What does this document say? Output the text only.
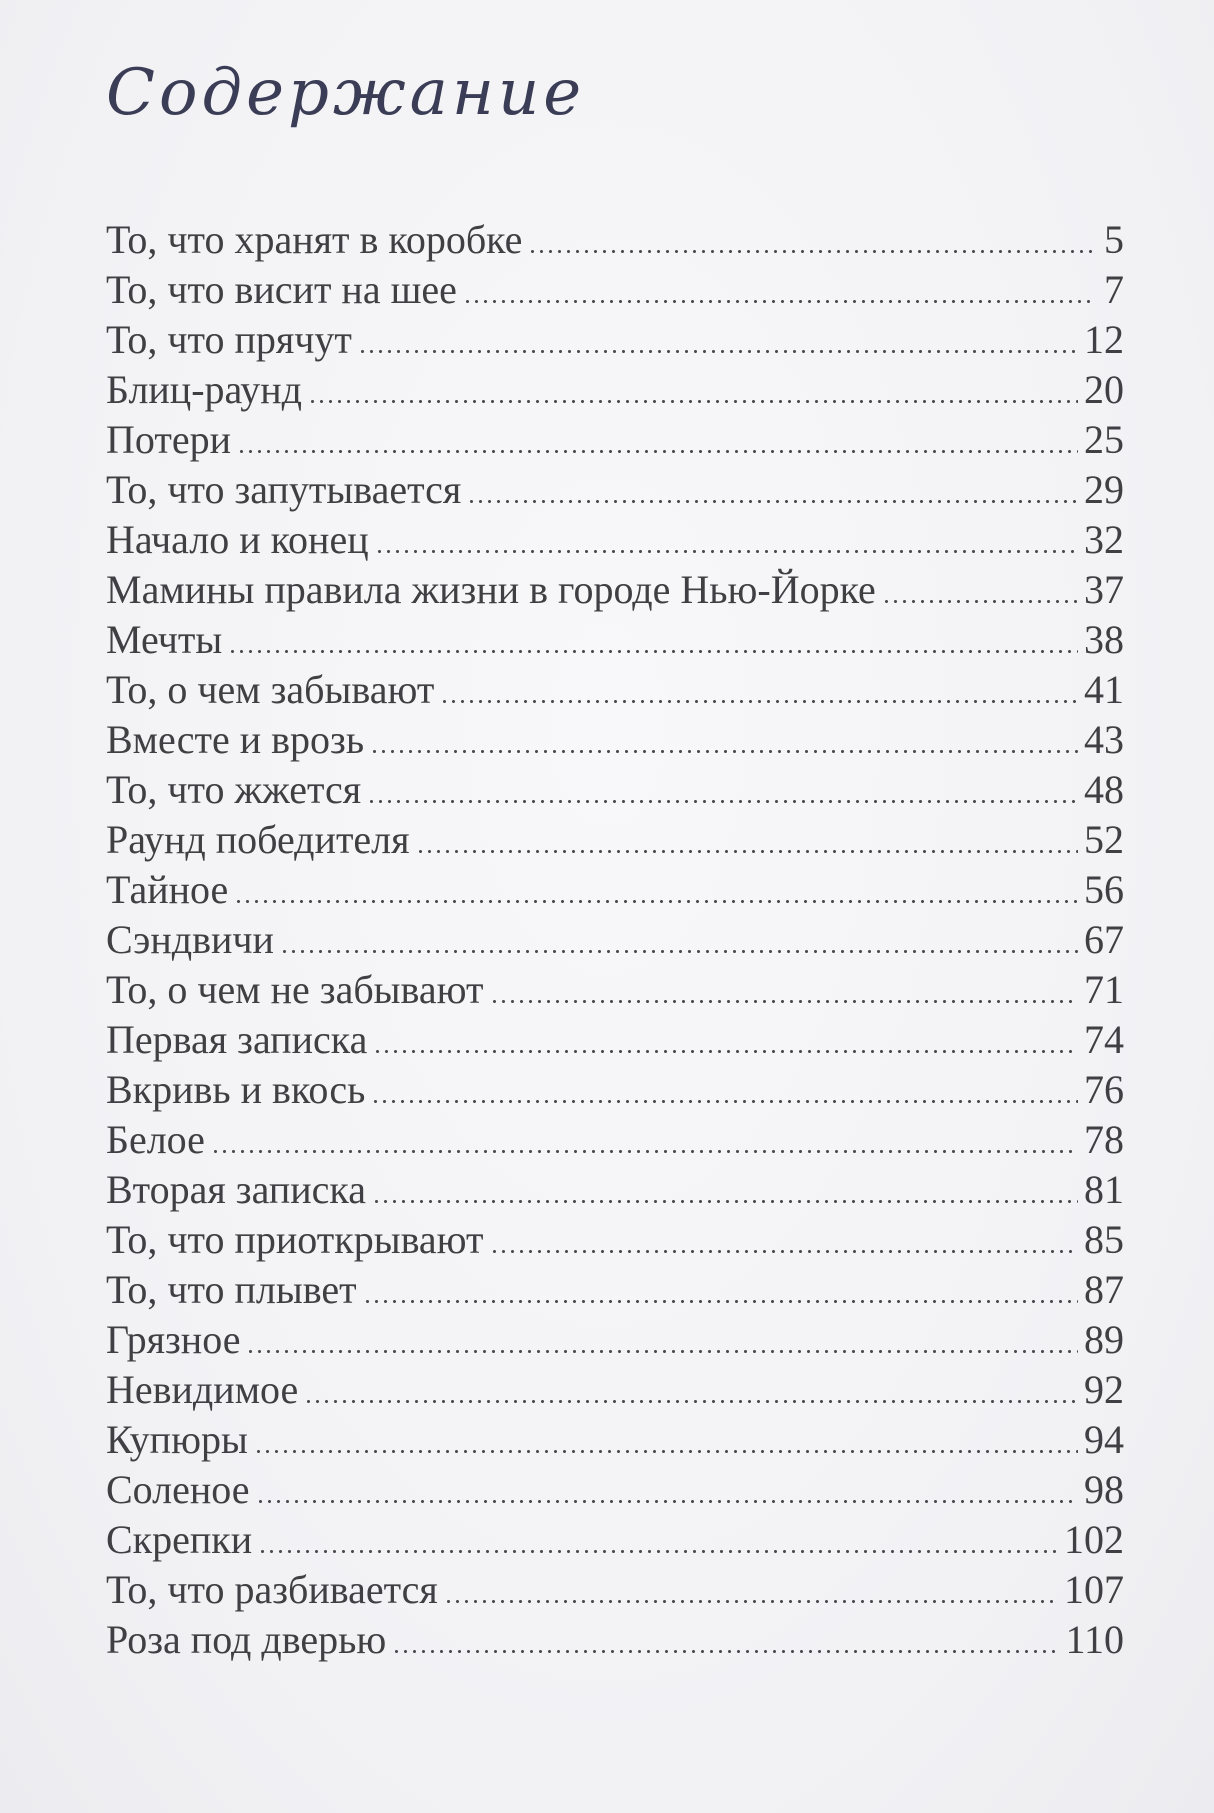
Содержание
То, что хранят в коробке	5
То, что висит на шее	7
То, что прячут	12
Блиц-раунд	20
Потери	25
То, что запутывается	29
Начало и конец	32
Мамины правила жизни в городе Нью-Йорке	37
Мечты	38
То, о чем забывают	41
Вместе и врозь	43
То, что жжется	48
Раунд победителя	52
Тайное	56
Сэндвичи	67
То, о чем не забывают	71
Первая записка	74
Вкривь и вкось	76
Белое	78
Вторая записка	81
То, что приоткрывают	85
То, что плывет	87
Грязное	89
Невидимое	92
Купюры	94
Соленое	98
Скрепки	102
То, что разбивается	107
Роза под дверью	110
